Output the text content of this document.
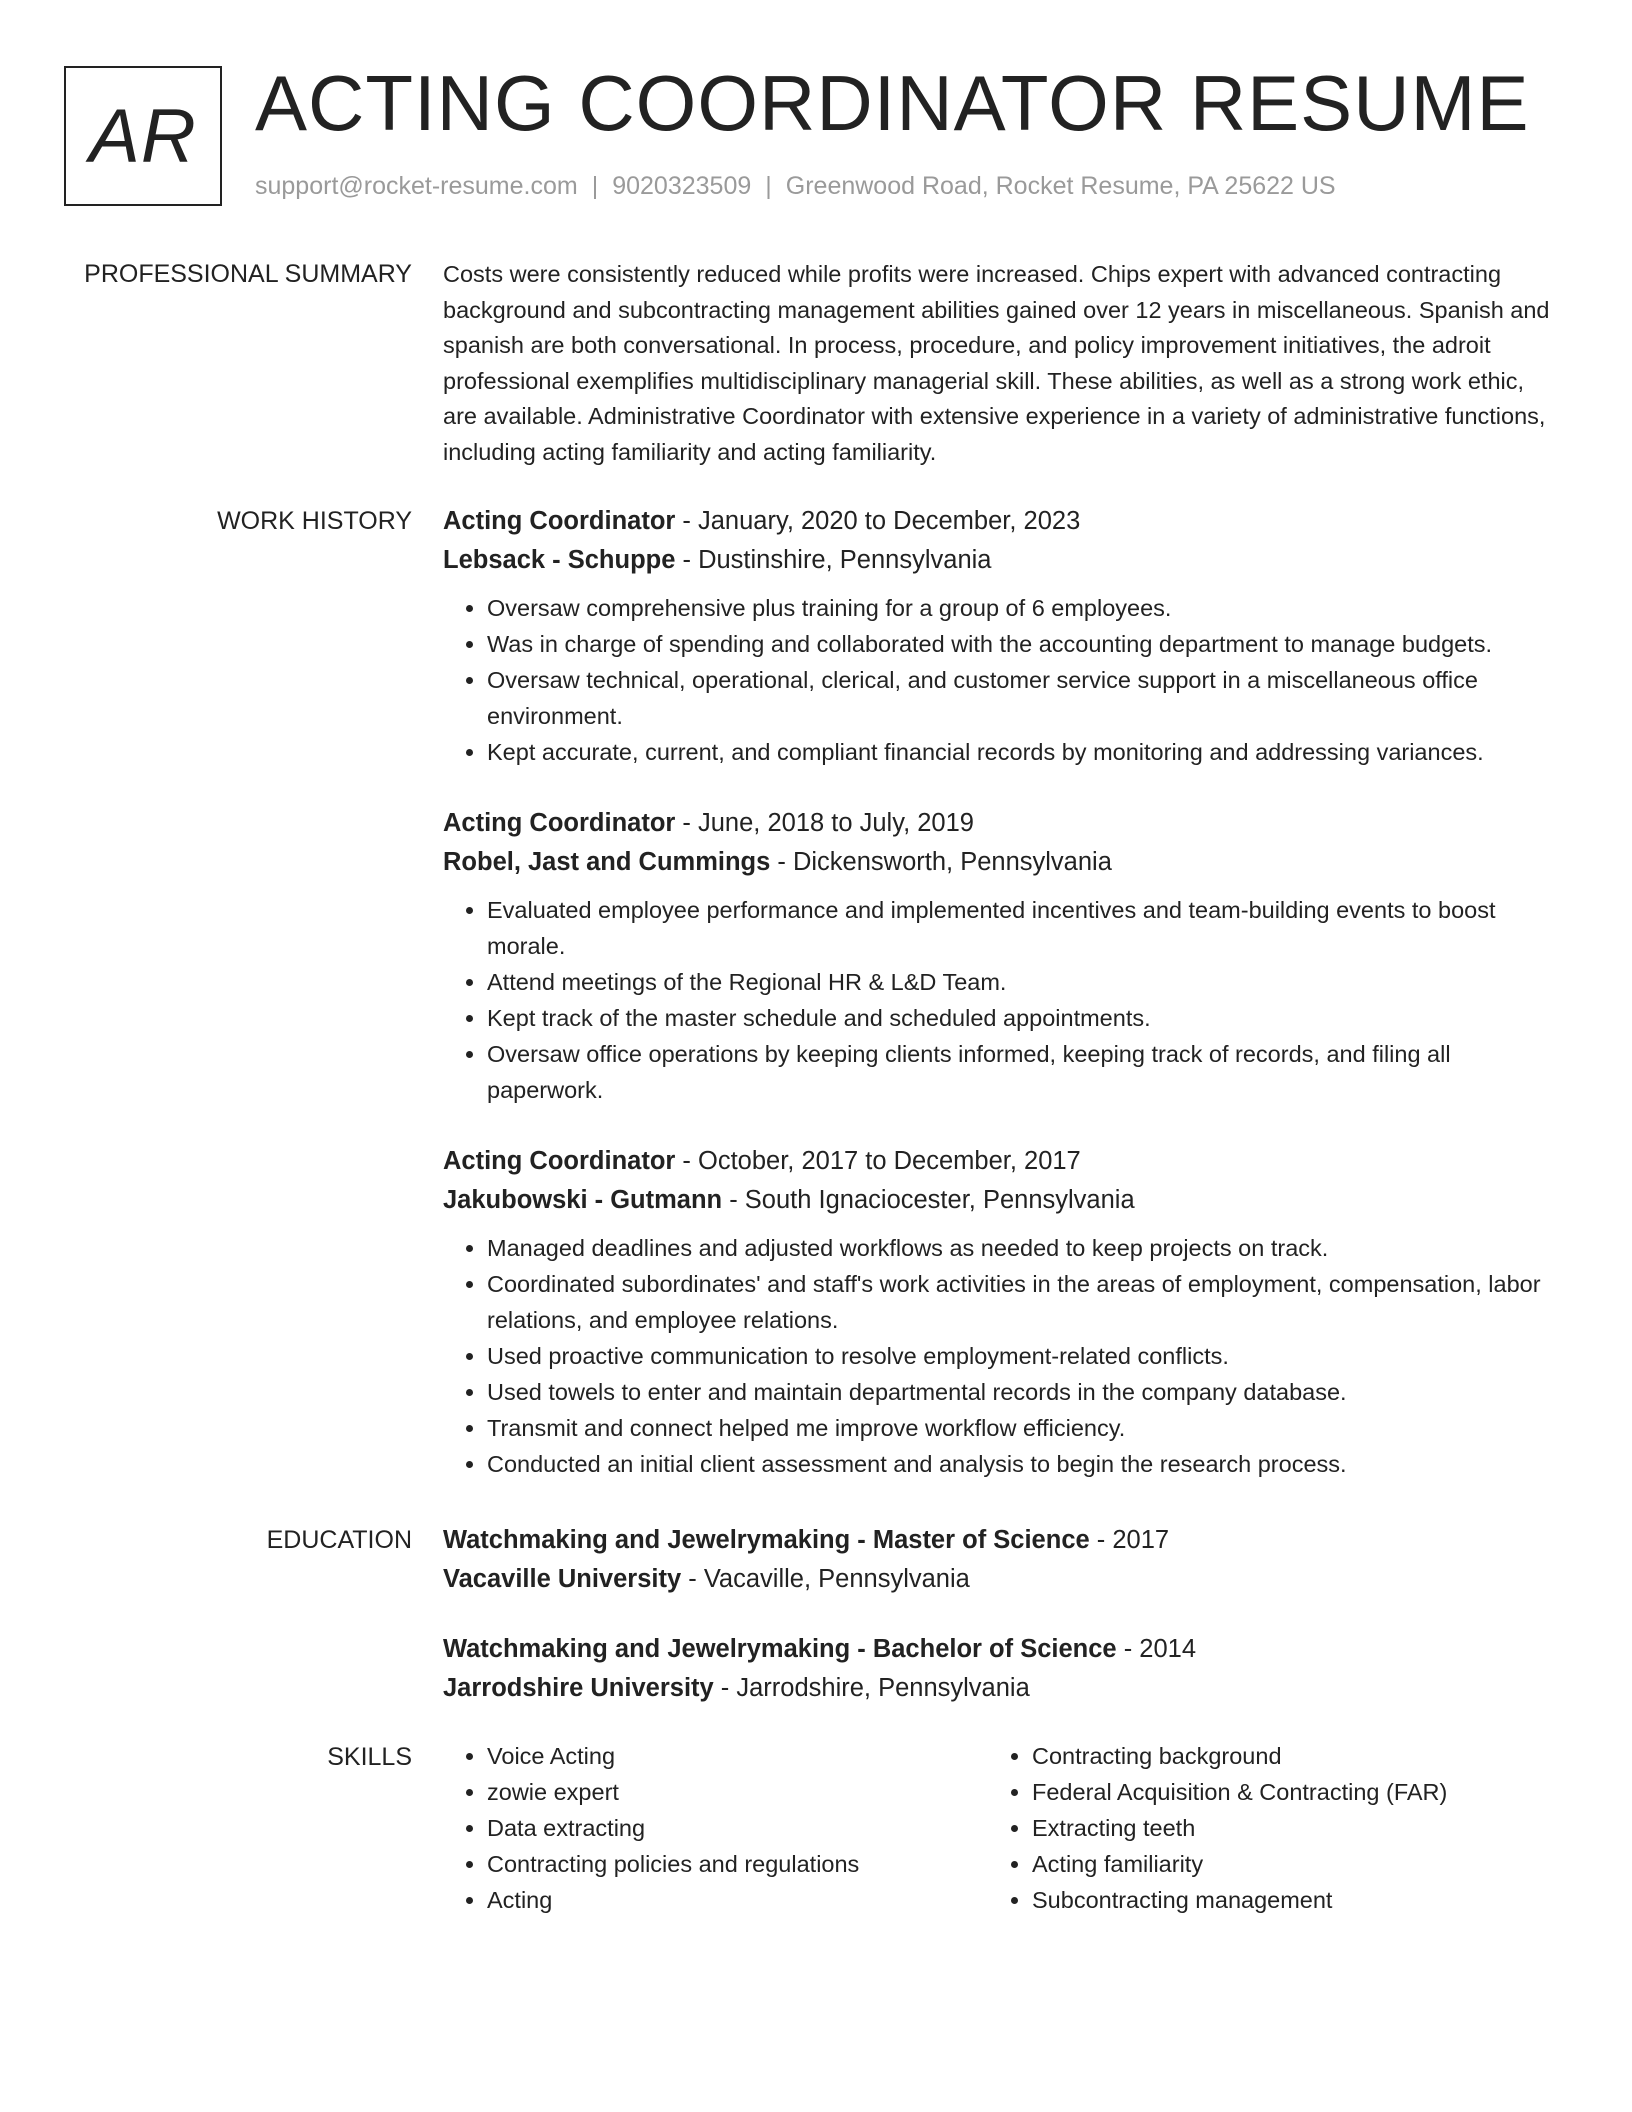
AR ACTING COORDINATOR RESUME
support@rocket-resume.com | 9020323509 | Greenwood Road, Rocket Resume, PA 25622 US
PROFESSIONAL SUMMARY Costs were consistently reduced while profits were increased. Chips expert with advanced contracting background and subcontracting management abilities gained over 12 years in miscellaneous. Spanish and spanish are both conversational. In process, procedure, and policy improvement initiatives, the adroit professional exemplifies multidisciplinary managerial skill. These abilities, as well as a strong work ethic, are available. Administrative Coordinator with extensive experience in a variety of administrative functions, including acting familiarity and acting familiarity.

WORK HISTORY Acting Coordinator - January, 2020 to December, 2023
Lebsack - Schuppe - Dustinshire, Pennsylvania
• Oversaw comprehensive plus training for a group of 6 employees.
• Was in charge of spending and collaborated with the accounting department to manage budgets.
• Oversaw technical, operational, clerical, and customer service support in a miscellaneous office environment.
• Kept accurate, current, and compliant financial records by monitoring and addressing variances.
Acting Coordinator - June, 2018 to July, 2019
Robel, Jast and Cummings - Dickensworth, Pennsylvania
• Evaluated employee performance and implemented incentives and team-building events to boost morale.
• Attend meetings of the Regional HR & L&D Team.
• Kept track of the master schedule and scheduled appointments.
• Oversaw office operations by keeping clients informed, keeping track of records, and filing all paperwork.
Acting Coordinator - October, 2017 to December, 2017
Jakubowski - Gutmann - South Ignaciocester, Pennsylvania
• Managed deadlines and adjusted workflows as needed to keep projects on track.
• Coordinated subordinates' and staff's work activities in the areas of employment, compensation, labor relations, and employee relations.
• Used proactive communication to resolve employment-related conflicts.
• Used towels to enter and maintain departmental records in the company database.
• Transmit and connect helped me improve workflow efficiency.
• Conducted an initial client assessment and analysis to begin the research process.
EDUCATION Watchmaking and Jewelrymaking - Master of Science - 2017
Vacaville University - Vacaville, Pennsylvania
Watchmaking and Jewelrymaking - Bachelor of Science - 2014
Jarrodshire University - Jarrodshire, Pennsylvania
SKILLS
•	Voice Acting
• zowie expert
• Data extracting
• Contracting policies and regulations
• Acting
• Contracting background
• Federal Acquisition & Contracting (FAR)
• Extracting teeth
• Acting familiarity
• Subcontracting management
